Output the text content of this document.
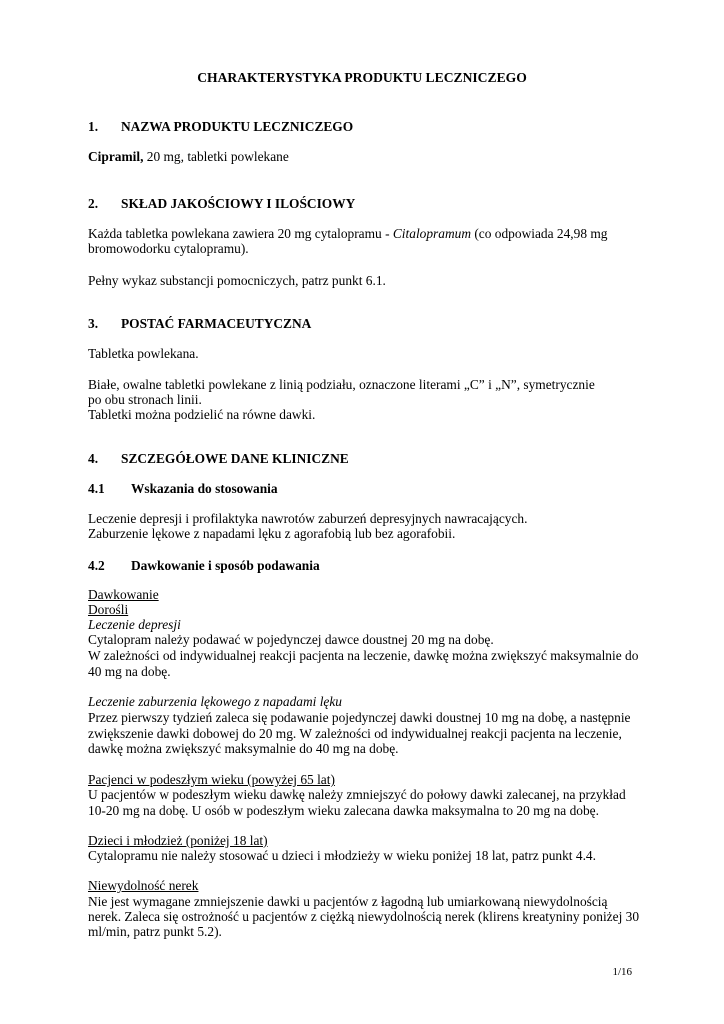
CHARAKTERYSTYKA PRODUKTU LECZNICZEGO
1. NAZWA PRODUKTU LECZNICZEGO
Cipramil, 20 mg, tabletki powlekane
2. SKŁAD JAKOŚCIOWY I ILOŚCIOWY
Każda tabletka powlekana zawiera 20 mg cytalopramu - Citalopramum (co odpowiada 24,98 mg
bromowodorku cytalopramu).
Pełny wykaz substancji pomocniczych, patrz punkt 6.1.
3. POSTAĆ FARMACEUTYCZNA
Tabletka powlekana.
Białe, owalne tabletki powlekane z linią podziału, oznaczone literami „C” i „N”, symetrycznie
po obu stronach linii.
Tabletki można podzielić na równe dawki.
4. SZCZEGÓŁOWE DANE KLINICZNE
4.1 Wskazania do stosowania
Leczenie depresji i profilaktyka nawrotów zaburzeń depresyjnych nawracających.
Zaburzenie lękowe z napadami lęku z agorafobią lub bez agorafobii.
4.2 Dawkowanie i sposób podawania
Dawkowanie
Dorośli
Leczenie depresji
Cytalopram należy podawać w pojedynczej dawce doustnej 20 mg na dobę.
W zależności od indywidualnej reakcji pacjenta na leczenie, dawkę można zwiększyć maksymalnie do
40 mg na dobę.
Leczenie zaburzenia lękowego z napadami lęku
Przez pierwszy tydzień zaleca się podawanie pojedynczej dawki doustnej 10 mg na dobę, a następnie
zwiększenie dawki dobowej do 20 mg. W zależności od indywidualnej reakcji pacjenta na leczenie,
dawkę można zwiększyć maksymalnie do 40 mg na dobę.
Pacjenci w podeszłym wieku (powyżej 65 lat)
U pacjentów w podeszłym wieku dawkę należy zmniejszyć do połowy dawki zalecanej, na przykład
10-20 mg na dobę. U osób w podeszłym wieku zalecana dawka maksymalna to 20 mg na dobę.
Dzieci i młodzież (poniżej 18 lat)
Cytalopramu nie należy stosować u dzieci i młodzieży w wieku poniżej 18 lat, patrz punkt 4.4.
Niewydolność nerek
Nie jest wymagane zmniejszenie dawki u pacjentów z łagodną lub umiarkowaną niewydolnością
nerek. Zaleca się ostrożność u pacjentów z ciężką niewydolnością nerek (klirens kreatyniny poniżej 30
ml/min, patrz punkt 5.2).
1/16
